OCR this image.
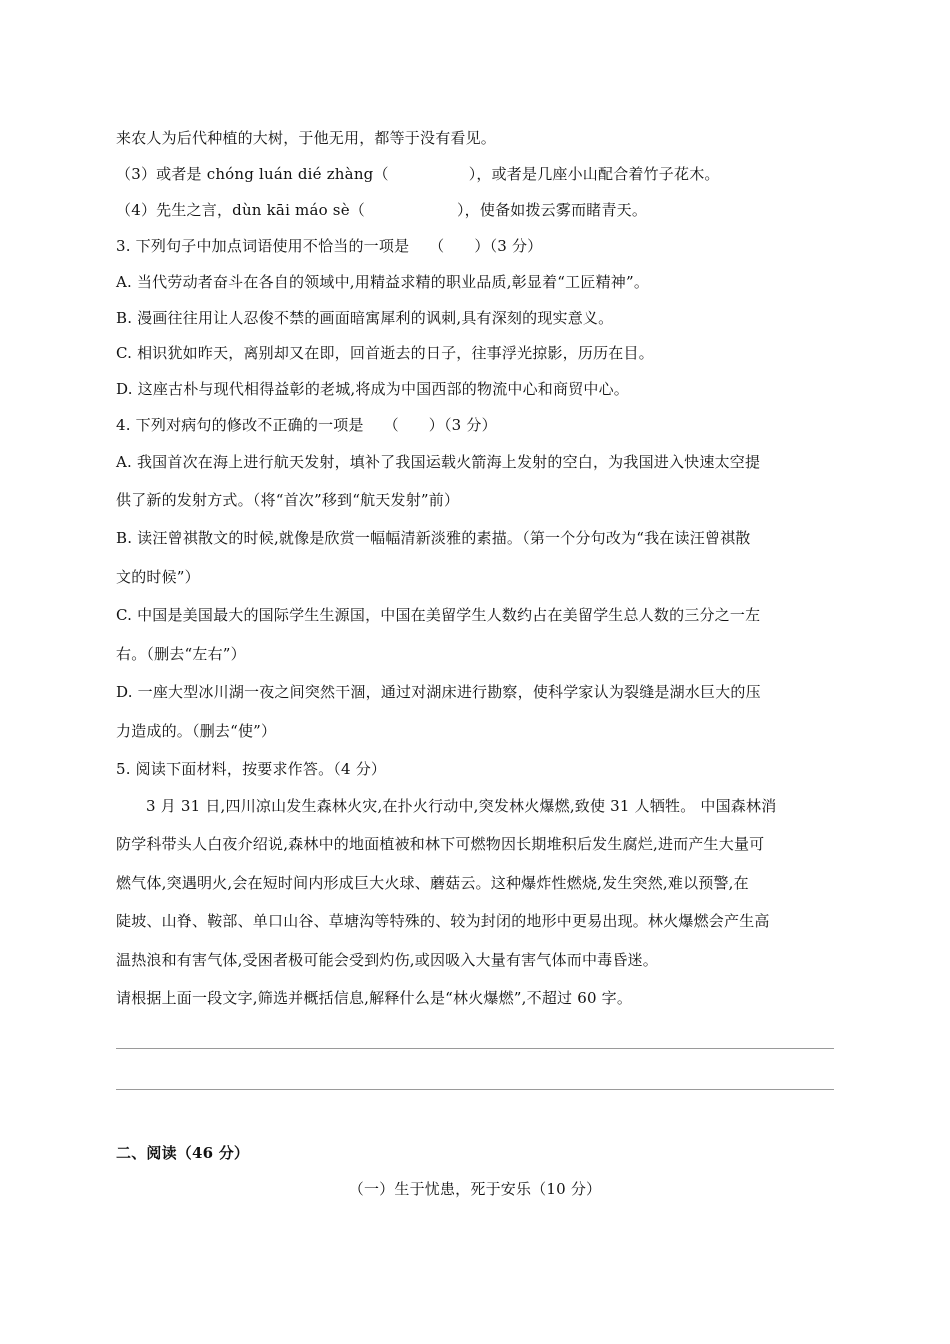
来农人为后代种植的大树，于他无用，都等于没有看见。
（3）或者是 chóng luán dié zhàng（	），或者是几座小山配合着竹子花木。
（4）先生之言，dùn kāi máo sè（	），使备如拨云雾而睹青天。
3. 下列句子中加点词语使用不恰当的一项是 （ ）（3 分）
A. 当代劳动者奋斗在各自的领域中,用精益求精的职业品质,彰显着“工匠精神”。
B. 漫画往往用让人忍俊不禁的画面暗寓犀利的讽刺,具有深刻的现实意义。
C. 相识犹如昨天，离别却又在即，回首逝去的日子，往事浮光掠影，历历在目。
D. 这座古朴与现代相得益彰的老城,将成为中国西部的物流中心和商贸中心。
4. 下列对病句的修改不正确的一项是 （ ）（3 分）
A. 我国首次在海上进行航天发射，填补了我国运载火箭海上发射的空白，为我国进入快速太空提
供了新的发射方式。（将“首次”移到“航天发射”前）
B. 读汪曾祺散文的时候,就像是欣赏一幅幅清新淡雅的素描。（第一个分句改为“我在读汪曾祺散
文的时候”）
C. 中国是美国最大的国际学生生源国，中国在美留学生人数约占在美留学生总人数的三分之一左
右。（删去“左右”）
D. 一座大型冰川湖一夜之间突然干涸，通过对湖床进行勘察，使科学家认为裂缝是湖水巨大的压
力造成的。（删去“使”）
5. 阅读下面材料，按要求作答。（4 分）
3 月 31 日,四川凉山发生森林火灾,在扑火行动中,突发林火爆燃,致使 31 人牺牲。 中国森林消
防学科带头人白夜介绍说,森林中的地面植被和林下可燃物因长期堆积后发生腐烂,进而产生大量可
燃气体,突遇明火,会在短时间内形成巨大火球、蘑菇云。这种爆炸性燃烧,发生突然,难以预警,在
陡坡、山脊、鞍部、单口山谷、草塘沟等特殊的、较为封闭的地形中更易出现。林火爆燃会产生高
温热浪和有害气体,受困者极可能会受到灼伤,或因吸入大量有害气体而中毒昏迷。
请根据上面一段文字,筛选并概括信息,解释什么是“林火爆燃”,不超过 60 字。
二、阅读（46 分）
（一）生于忧患，死于安乐（10 分）
